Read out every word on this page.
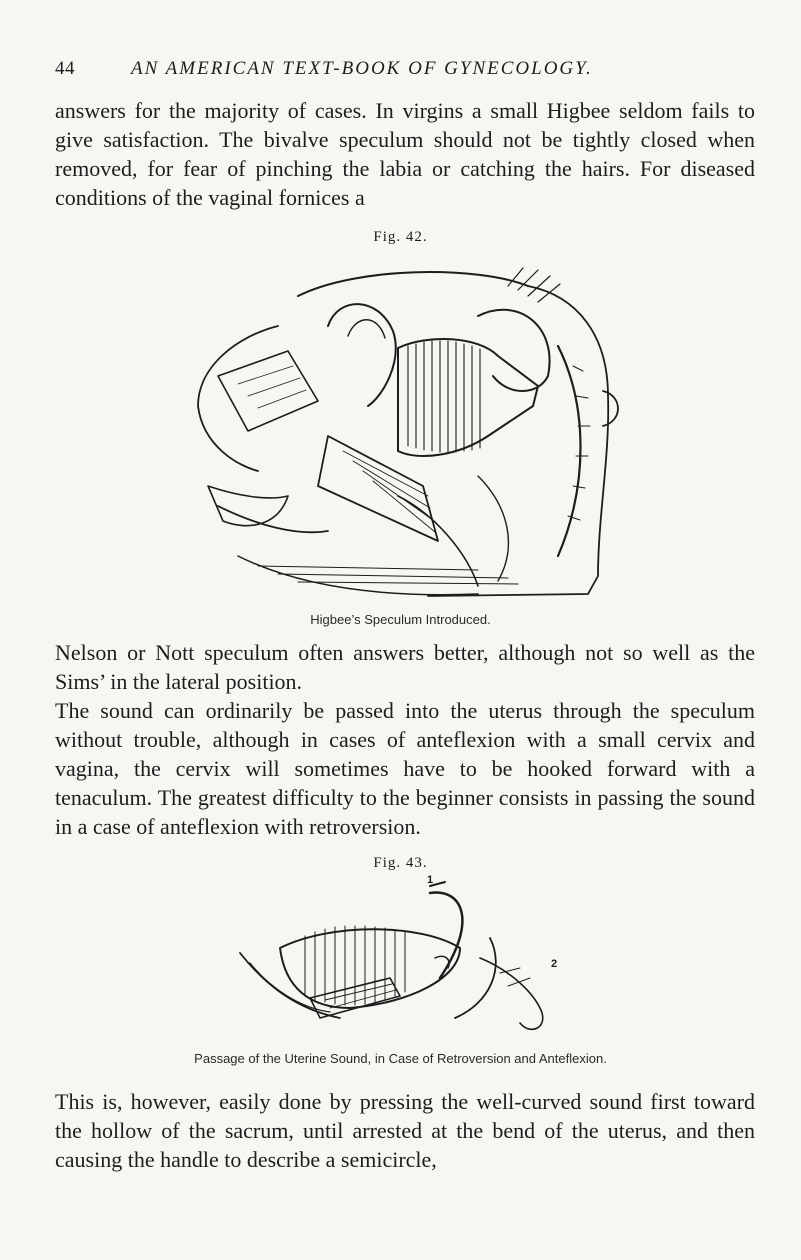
44	AN AMERICAN TEXT-BOOK OF GYNECOLOGY.

answers for the majority of cases. In virgins a small Higbee seldom fails to give satisfaction. The bivalve speculum should not be tightly closed when removed, for fear of pinching the labia or catching the hairs. For diseased conditions of the vaginal fornices a

Fig. 42.
Higbee’s Speculum Introduced.

Nelson or Nott speculum often answers better, although not so well as the Sims’ in the lateral position.

The sound can ordinarily be passed into the uterus through the speculum without trouble, although in cases of anteflexion with a small cervix and vagina, the cervix will sometimes have to be hooked forward with a tenaculum. The greatest difficulty to the beginner consists in passing the sound in a case of anteflexion with retroversion.

Fig. 43.
1
2
Passage of the Uterine Sound, in Case of Retroversion and Anteflexion.

This is, however, easily done by pressing the well-curved sound first toward the hollow of the sacrum, until arrested at the bend of the uterus, and then causing the handle to describe a semicircle,
